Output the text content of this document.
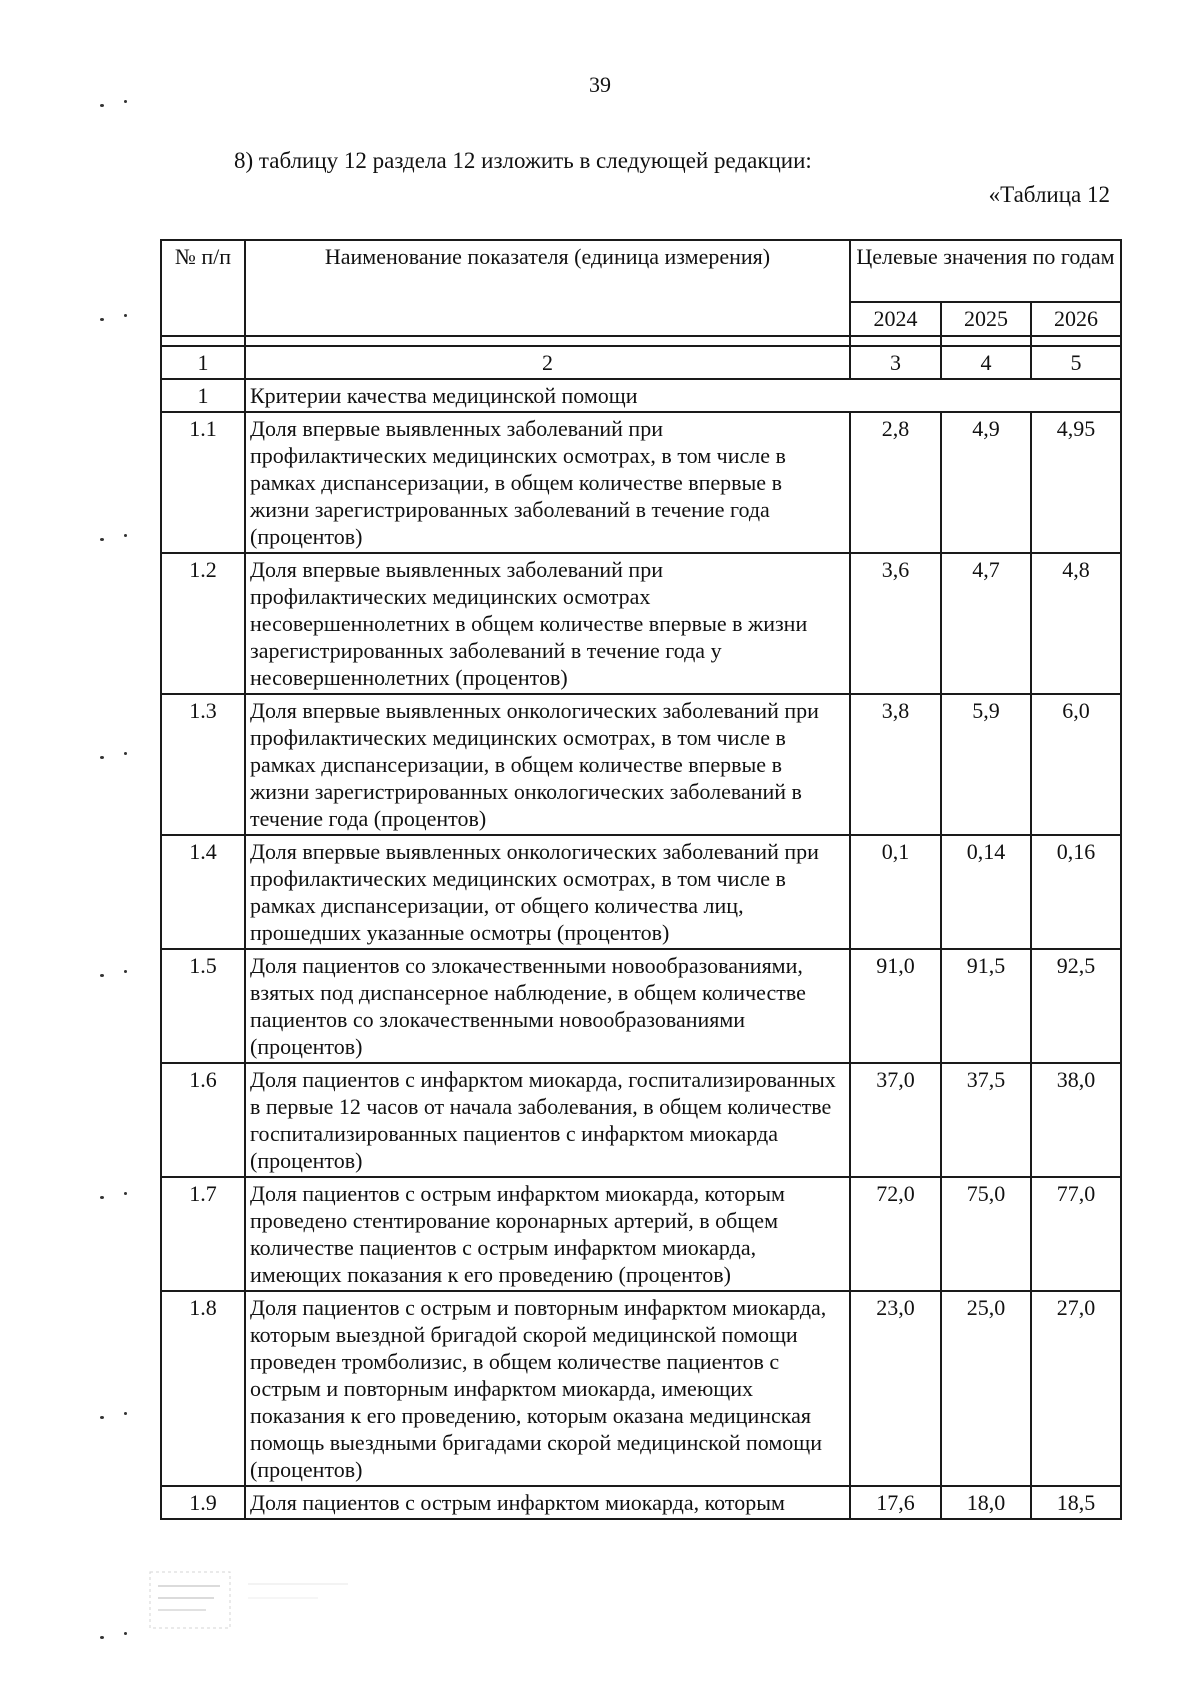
39
8) таблицу 12 раздела 12 изложить в следующей редакции:
«Таблица 12
№ п/п	Наименование показателя (единица измерения)	Целевые значения по годам		
		2024	2025	2026

1	2	3	4	5
1	Критерии качества медицинской помощи			
1.1	Доля впервые выявленных заболеваний при профилактических медицинских осмотрах, в том числе в рамках диспансеризации, в общем количестве впервые в жизни зарегистрированных заболеваний в течение года (процентов)	2,8	4,9	4,95
1.2	Доля впервые выявленных заболеваний при профилактических медицинских осмотрах несовершеннолетних в общем количестве впервые в жизни зарегистрированных заболеваний в течение года у несовершеннолетних (процентов)	3,6	4,7	4,8
1.3	Доля впервые выявленных онкологических заболеваний при профилактических медицинских осмотрах, в том числе в рамках диспансеризации, в общем количестве впервые в жизни зарегистрированных онкологических заболеваний в течение года (процентов)	3,8	5,9	6,0
1.4	Доля впервые выявленных онкологических заболеваний при профилактических медицинских осмотрах, в том числе в рамках диспансеризации, от общего количества лиц, прошедших указанные осмотры (процентов)	0,1	0,14	0,16
1.5	Доля пациентов со злокачественными новообразованиями, взятых под диспансерное наблюдение, в общем количестве пациентов со злокачественными новообразованиями (процентов)	91,0	91,5	92,5
1.6	Доля пациентов с инфарктом миокарда, госпитализированных в первые 12 часов от начала заболевания, в общем количестве госпитализированных пациентов с инфарктом миокарда (процентов)	37,0	37,5	38,0
1.7	Доля пациентов с острым инфарктом миокарда, которым проведено стентирование коронарных артерий, в общем количестве пациентов с острым инфарктом миокарда, имеющих показания к его проведению (процентов)	72,0	75,0	77,0
1.8	Доля пациентов с острым и повторным инфарктом миокарда, которым выездной бригадой скорой медицинской помощи проведен тромболизис, в общем количестве пациентов с острым и повторным инфарктом миокарда, имеющих показания к его проведению, которым оказана медицинская помощь выездными бригадами скорой медицинской помощи (процентов)	23,0	25,0	27,0
1.9	Доля пациентов с острым инфарктом миокарда, которым	17,6	18,0	18,5
